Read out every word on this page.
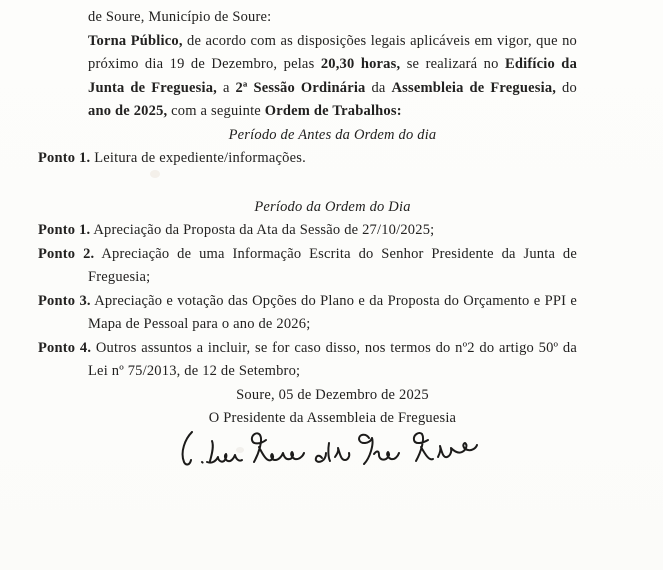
de Soure, Município de Soure:

Torna Público, de acordo com as disposições legais aplicáveis em vigor, que no próximo dia 19 de Dezembro, pelas 20,30 horas, se realizará no Edifício da Junta de Freguesia, a 2ª Sessão Ordinária da Assembleia de Freguesia, do ano de 2025, com a seguinte Ordem de Trabalhos:

Período de Antes da Ordem do dia

Ponto 1. Leitura de expediente/informações.

Período da Ordem do Dia

Ponto 1. Apreciação da Proposta da Ata da Sessão de 27/10/2025;

Ponto 2. Apreciação de uma Informação Escrita do Senhor Presidente da Junta de Freguesia;

Ponto 3. Apreciação e votação das Opções do Plano e da Proposta do Orçamento e PPI e Mapa de Pessoal para o ano de 2026;

Ponto 4. Outros assuntos a incluir, se for caso disso, nos termos do nº2 do artigo 50º da Lei nº 75/2013, de 12 de Setembro;

Soure, 05 de Dezembro de 2025

O Presidente da Assembleia de Freguesia
